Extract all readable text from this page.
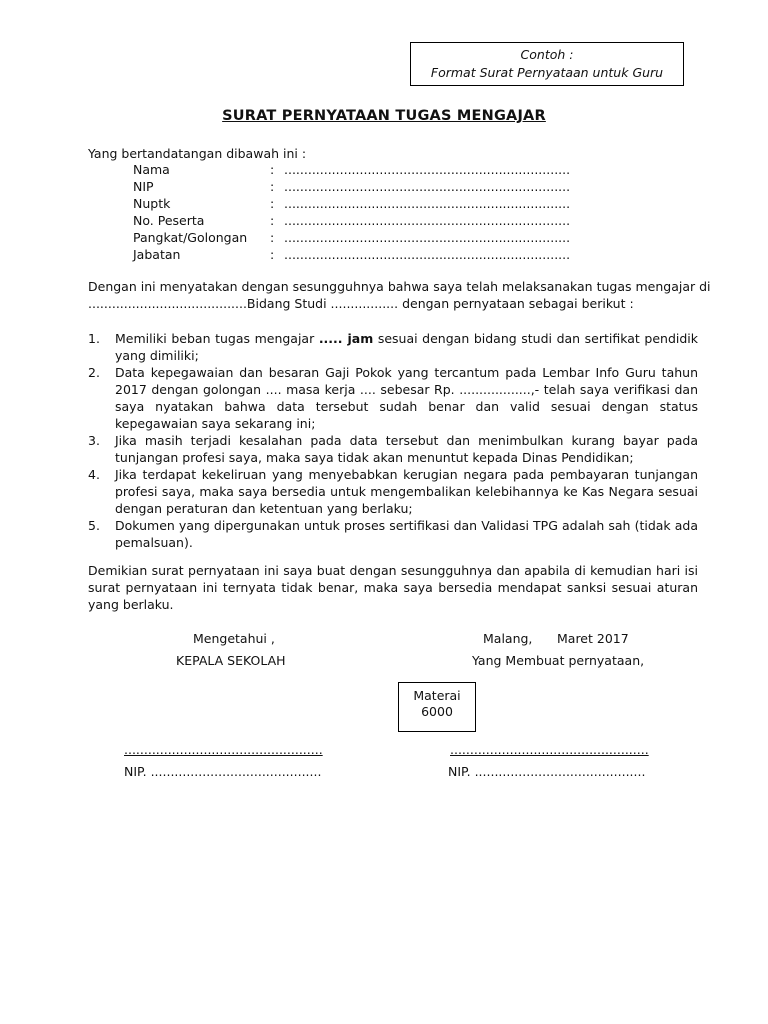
Contoh :
Format Surat Pernyataan untuk Guru
SURAT PERNYATAAN TUGAS MENGAJAR
Yang bertandatangan dibawah ini :
Nama	: ........................................................................
NIP	: ........................................................................
Nuptk	: ........................................................................
No. Peserta	: ........................................................................
Pangkat/Golongan : ........................................................................
Jabatan	: ........................................................................
Dengan ini menyatakan dengan sesungguhnya bahwa saya telah melaksanakan tugas mengajar di
........................................Bidang Studi ................. dengan pernyataan sebagai berikut :
1. Memiliki beban tugas mengajar ..... jam sesuai dengan bidang studi dan sertifikat pendidik yang dimiliki;
2. Data kepegawaian dan besaran Gaji Pokok yang tercantum pada Lembar Info Guru tahun 2017 dengan golongan .... masa kerja .... sebesar Rp. ..................,- telah saya verifikasi dan saya nyatakan bahwa data tersebut sudah benar dan valid sesuai dengan status kepegawaian saya sekarang ini;
3. Jika masih terjadi kesalahan pada data tersebut dan menimbulkan kurang bayar pada tunjangan profesi saya, maka saya tidak akan menuntut kepada Dinas Pendidikan;
4. Jika terdapat kekeliruan yang menyebabkan kerugian negara pada pembayaran tunjangan profesi saya, maka saya bersedia untuk mengembalikan kelebihannya ke Kas Negara sesuai dengan peraturan dan ketentuan yang berlaku;
5. Dokumen yang dipergunakan untuk proses sertifikasi dan Validasi TPG adalah sah (tidak ada pemalsuan).
Demikian surat pernyataan ini saya buat dengan sesungguhnya dan apabila di kemudian hari isi surat pernyataan ini ternyata tidak benar, maka saya bersedia mendapat sanksi sesuai aturan yang berlaku.
Mengetahui ,	Malang, Maret 2017
KEPALA SEKOLAH	Yang Membuat pernyataan,
Materai
6000
..................................................	..................................................
NIP. ...........................................	NIP. ...........................................
